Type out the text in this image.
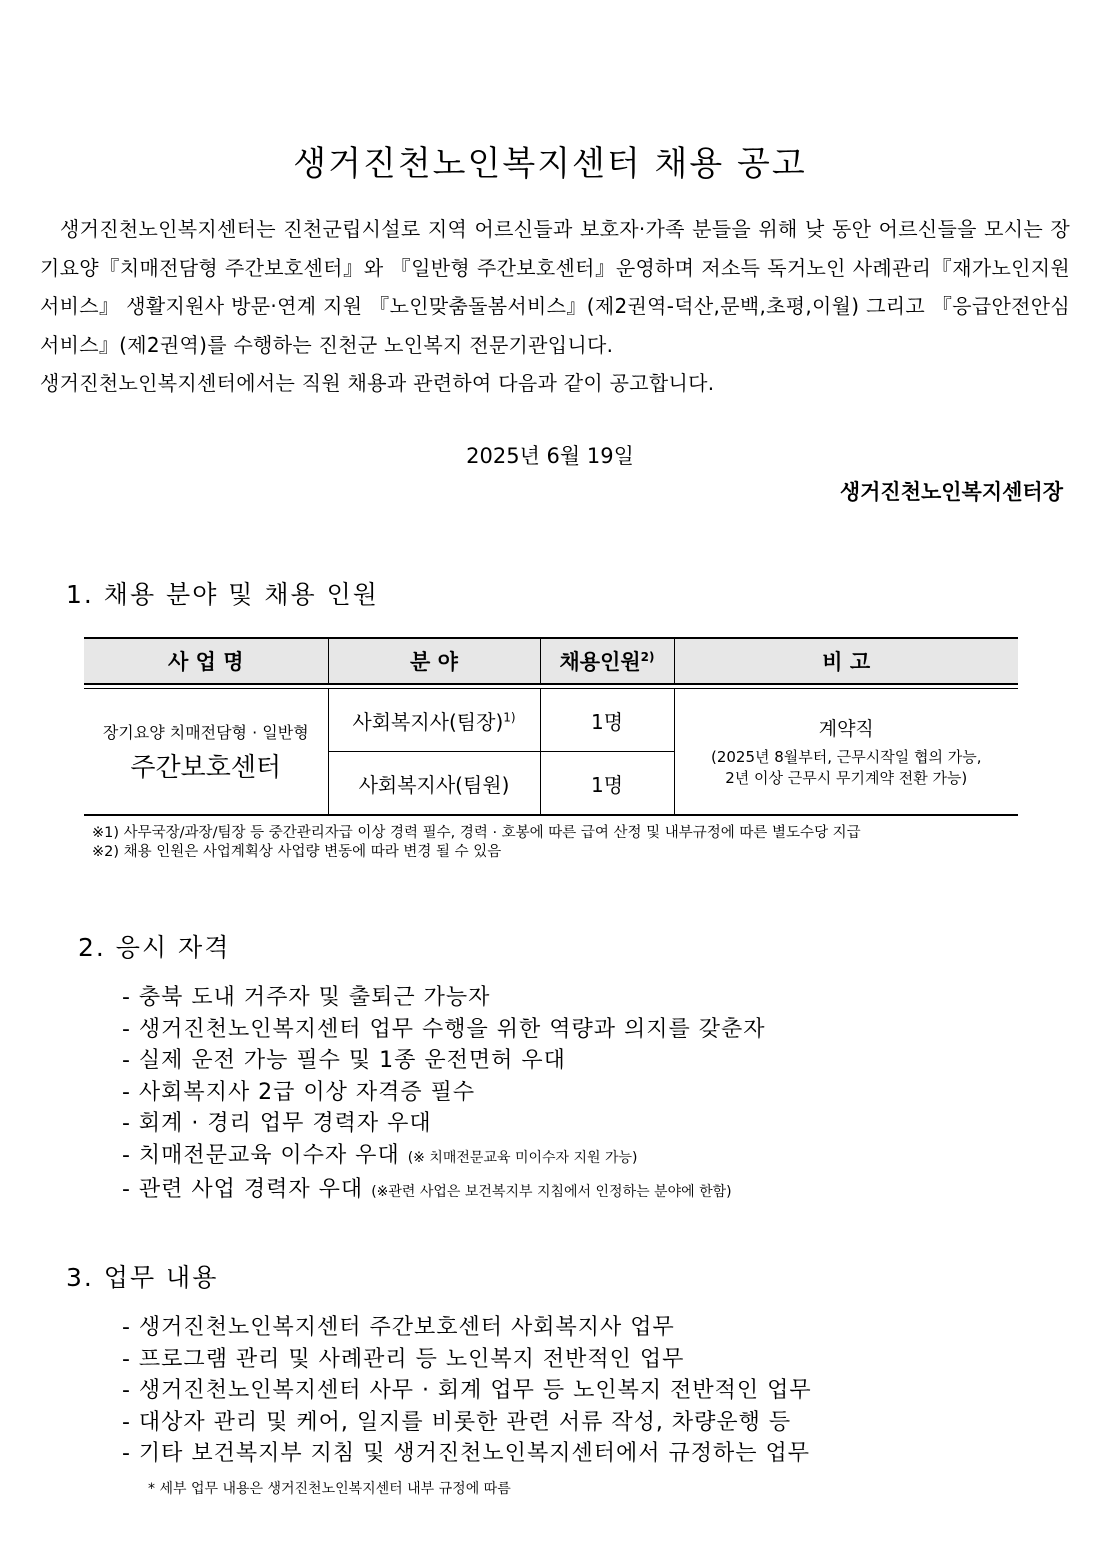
생거진천노인복지센터 채용 공고

생거진천노인복지센터는 진천군립시설로 지역 어르신들과 보호자·가족 분들을 위해 낮 동안 어르신들을 모시는 장기요양『치매전담형 주간보호센터』와 『일반형 주간보호센터』운영하며 저소득 독거노인 사례관리『재가노인지원서비스』 생활지원사 방문·연계 지원 『노인맞춤돌봄서비스』(제2권역-덕산,문백,초평,이월) 그리고 『응급안전안심서비스』(제2권역)를 수행하는 진천군 노인복지 전문기관입니다.

생거진천노인복지센터에서는 직원 채용과 관련하여 다음과 같이 공고합니다.

2025년 6월 19일
생거진천노인복지센터장
1. 채용 분야 및 채용 인원
사 업 명	분 야	채용인원$^{2)}$	비 고

장기요양 치매전담형 · 일반형
주간보호센터	사회복지사(팀장)$^{1)}$	1명	계약직
(2025년 8월부터, 근무시작일 협의 가능,
2년 이상 근무시 무기계약 전환 가능)

	사회복지사(팀원)	1명	
※1) 사무국장/과장/팀장 등 중간관리자급 이상 경력 필수, 경력 · 호봉에 따른 급여 산정 및 내부규정에 따른 별도수당 지급
※2) 채용 인원은 사업계획상 사업량 변동에 따라 변경 될 수 있음
2. 응시 자격
- 충북 도내 거주자 및 출퇴근 가능자
- 생거진천노인복지센터 업무 수행을 위한 역량과 의지를 갖춘자
- 실제 운전 가능 필수 및 1종 운전면허 우대
- 사회복지사 2급 이상 자격증 필수
- 회계 · 경리 업무 경력자 우대
- 치매전문교육 이수자 우대 (※ 치매전문교육 미이수자 지원 가능)
- 관련 사업 경력자 우대 (※관련 사업은 보건복지부 지침에서 인정하는 분야에 한함)
3. 업무 내용
- 생거진천노인복지센터 주간보호센터 사회복지사 업무
- 프로그램 관리 및 사례관리 등 노인복지 전반적인 업무
- 생거진천노인복지센터 사무 · 회계 업무 등 노인복지 전반적인 업무
- 대상자 관리 및 케어, 일지를 비롯한 관련 서류 작성, 차량운행 등
- 기타 보건복지부 지침 및 생거진천노인복지센터에서 규정하는 업무
* 세부 업무 내용은 생거진천노인복지센터 내부 규정에 따름
